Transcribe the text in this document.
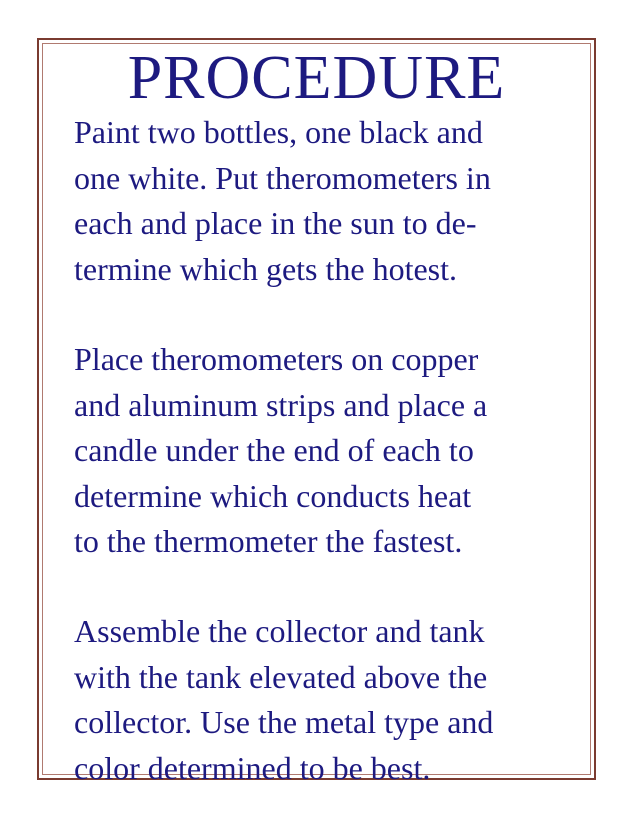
PROCEDURE

Paint two bottles, one black and
one white. Put theromometers in
each and place in the sun to de-
termine which gets the hotest.

Place theromometers on copper
and aluminum strips and place a
candle under the end of each to
determine which conducts heat
to the thermometer the fastest.

Assemble the collector and tank
with the tank elevated above the
collector. Use the metal type and
color determined to be best.
